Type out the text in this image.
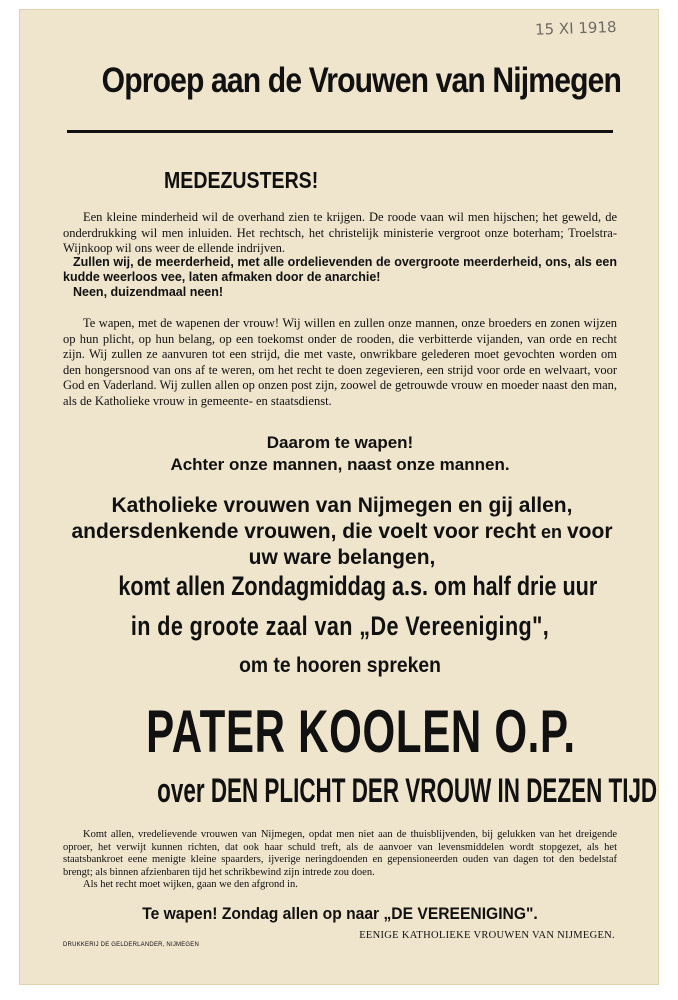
15 XI 1918
Oproep aan de Vrouwen van Nijmegen
MEDEZUSTERS!

Een kleine minderheid wil de overhand zien te krijgen. De roode vaan wil men hijschen; het geweld, de onderdrukking wil men inluiden. Het rechtsch, het christelijk ministerie vergroot onze boterham; Troelstra-Wijnkoop wil ons weer de ellende indrijven.

Zullen wij, de meerderheid, met alle ordelievenden de overgroote meerderheid, ons, als een kudde weerloos vee, laten afmaken door de anarchie!

Neen, duizendmaal neen!

Te wapen, met de wapenen der vrouw! Wij willen en zullen onze mannen, onze broeders en zonen wijzen op hun plicht, op hun belang, op een toekomst onder de rooden, die verbitterde vijanden, van orde en recht zijn. Wij zullen ze aanvuren tot een strijd, die met vaste, onwrikbare gelederen moet gevochten worden om den hongersnood van ons af te weren, om het recht te doen zegevieren, een strijd voor orde en welvaart, voor God en Vaderland. Wij zullen allen op onzen post zijn, zoowel de getrouwde vrouw en moeder naast den man, als de Katholieke vrouw in gemeente- en staatsdienst.

Daarom te wapen!
Achter onze mannen, naast onze mannen.
Katholieke vrouwen van Nijmegen en gij allen, andersdenkende vrouwen, die voelt voor recht en voor uw ware belangen,
komt allen Zondagmiddag a.s. om half drie uur
in de groote zaal van „De Vereeniging",
om te hooren spreken
PATER KOOLEN O.P.
over DEN PLICHT DER VROUW IN DEZEN TIJD

Komt allen, vredelievende vrouwen van Nijmegen, opdat men niet aan de thuisblijvenden, bij gelukken van het dreigende oproer, het verwijt kunnen richten, dat ook haar schuld treft, als de aanvoer van levensmiddelen wordt stopgezet, als het staatsbankroet eene menigte kleine spaarders, ijverige neringdoenden en gepensioneerden ouden van dagen tot den bedelstaf brengt; als binnen afzienbaren tijd het schrikbewind zijn intrede zou doen.

Als het recht moet wijken, gaan we den afgrond in.

Te wapen! Zondag allen op naar „DE VEREENIGING".
EENIGE KATHOLIEKE VROUWEN VAN NIJMEGEN.
DRUKKERIJ DE GELDERLANDER, NIJMEGEN
